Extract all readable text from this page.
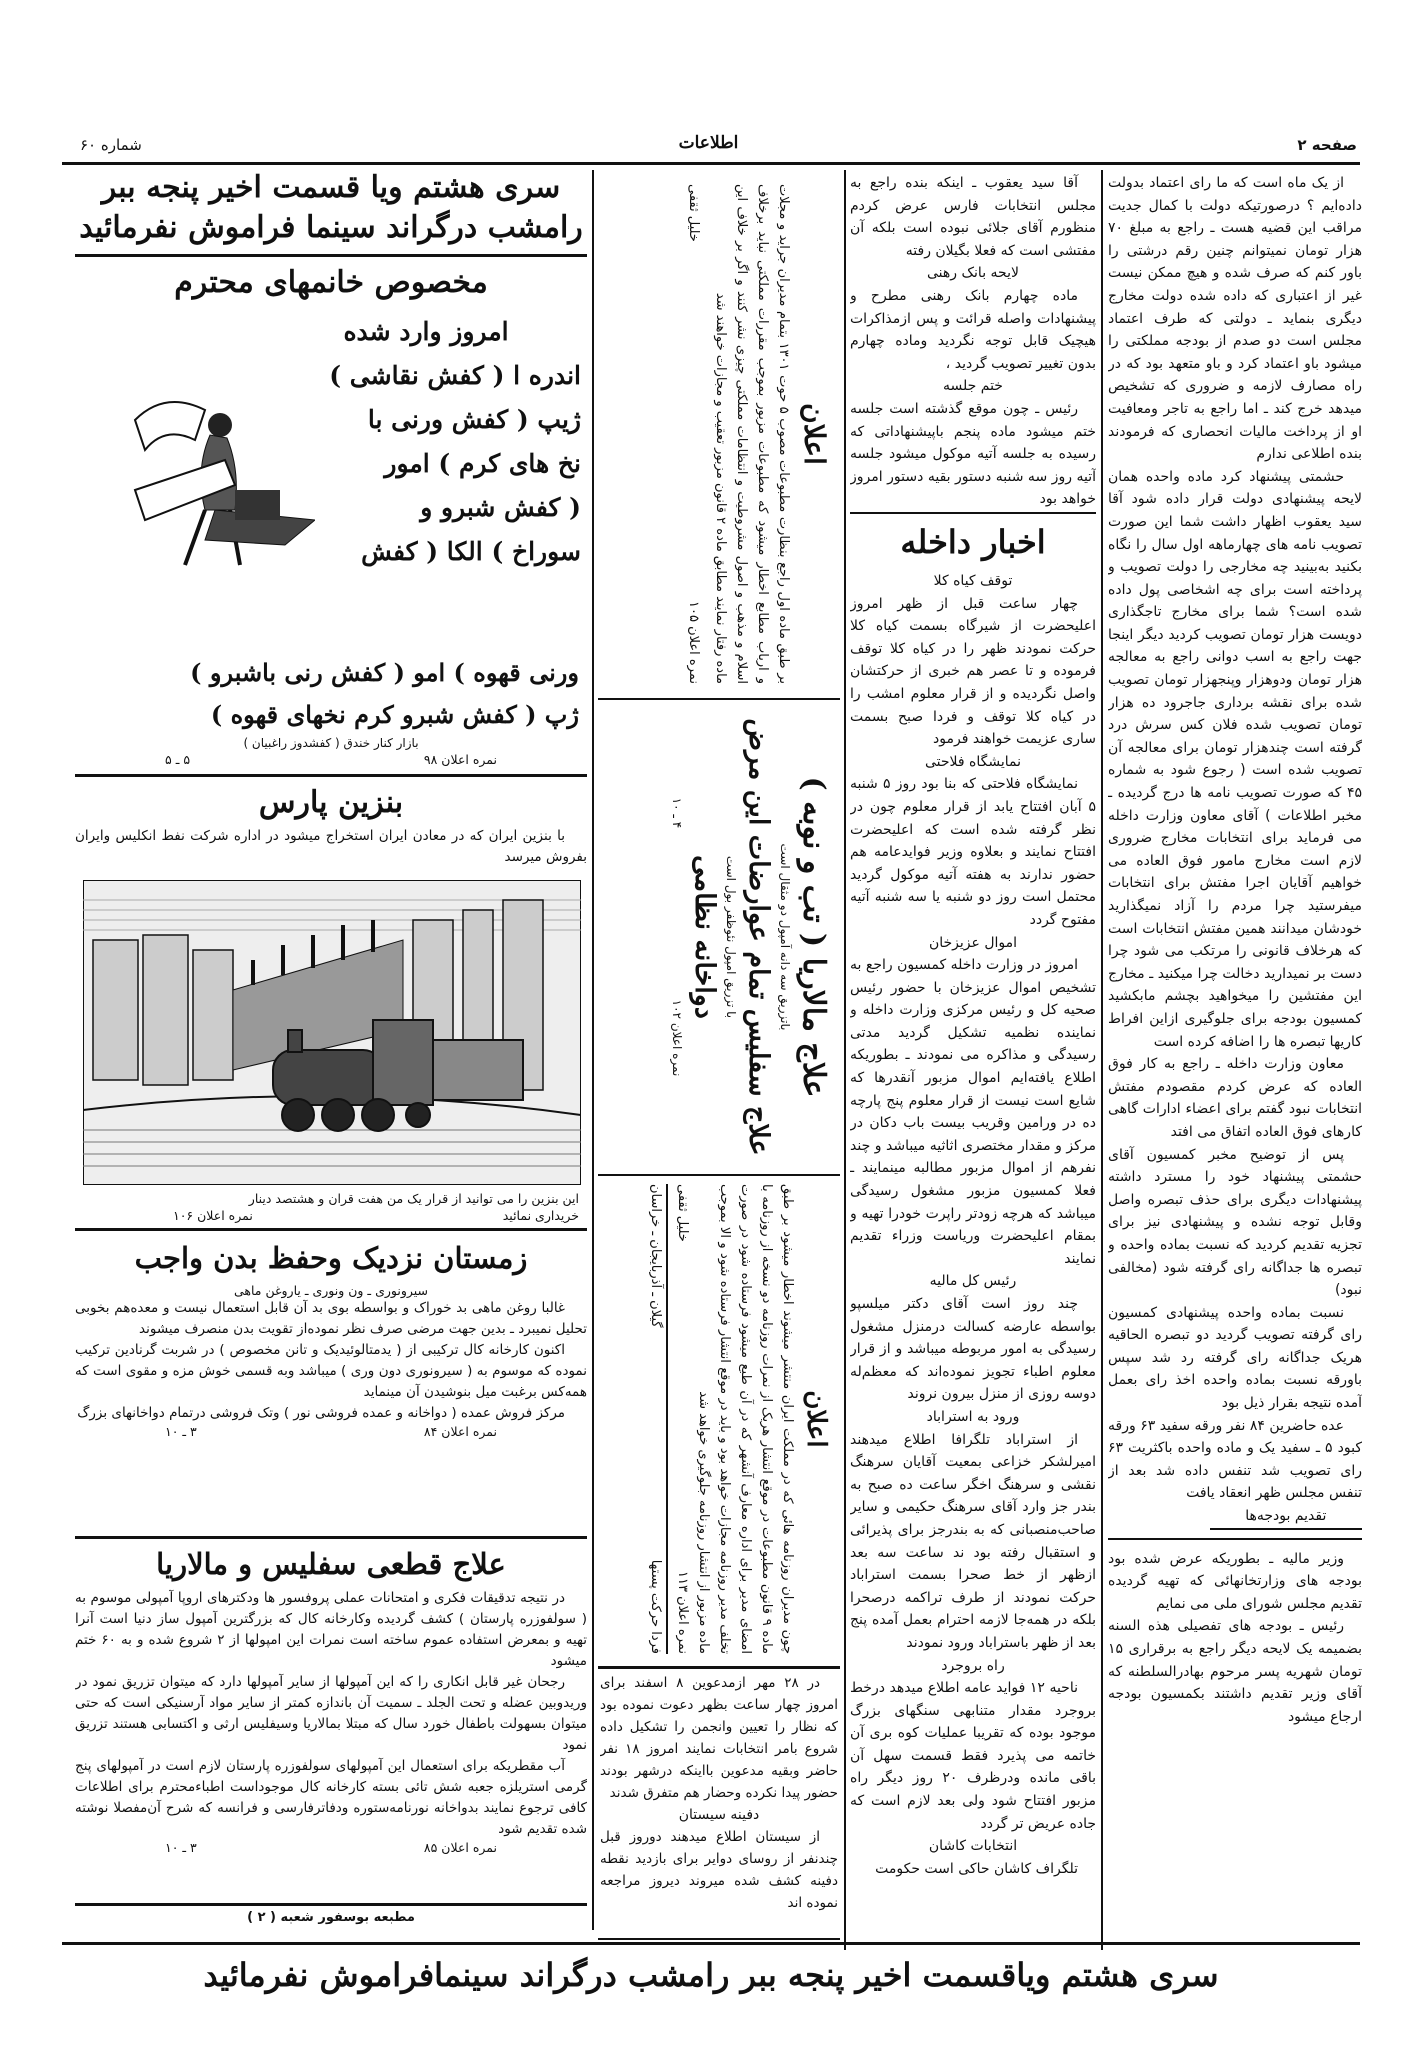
صفحه ۲
اطلاعات
شماره ۶۰

از یک ماه است که ما رای اعتماد بدولت داده‌ایم ؟ درصورتیکه دولت با کمال جدیت مراقب این قضیه هست ـ راجع به مبلغ ۷۰ هزار تومان نمیتوانم چنین رقم درشتی را باور کنم که صرف شده و هیچ ممکن نیست غیر از اعتباری که داده شده دولت مخارج دیگری بنماید ـ دولتی که طرف اعتماد مجلس است دو صدم از بودجه مملکتی را میشود باو اعتماد کرد و باو متعهد بود که در راه مصارف لازمه و ضروری که تشخیص میدهد خرج کند ـ اما راجع به تاجر ومعافیت او از پرداخت مالیات انحصاری که فرمودند بنده اطلاعی ندارم

حشمتی پیشنهاد کرد ماده واحده همان لایحه پیشنهادی دولت قرار داده شود آقا سید یعقوب اظهار داشت شما این صورت تصویب نامه های چهارماهه اول سال را نگاه بکنید به‌بینید چه مخارجی را دولت تصویب و پرداخته است برای چه اشخاصی پول داده شده است؟ شما برای مخارج تاجگذاری دویست هزار تومان تصویب کردید دیگر اینجا جهت راجع به اسب دوانی راجع به معالجه هزار تومان ودوهزار وپنجهزار تومان تصویب شده برای نقشه برداری جاجرود ده هزار تومان تصویب شده فلان کس سرش درد گرفته است چندهزار تومان برای معالجه آن تصویب شده است ( رجوع شود به شماره ۴۵ که صورت تصویب نامه ها درج گردیده ـ مخبر اطلاعات ) آقای معاون وزارت داخله می فرماید برای انتخابات مخارج ضروری لازم است مخارج مامور فوق العاده می خواهیم آقایان اجرا مفتش برای انتخابات میفرستید چرا مردم را آزاد نمیگذارید خودشان میدانند همین مفتش انتخابات است که هرخلاف قانونی را مرتکب می شود چرا دست بر نمیدارید دخالت چرا میکنید ـ مخارج این مفتشین را میخواهید بچشم مابکشید کمسیون بودجه برای جلوگیری ازاین افراط کاریها تبصره ها را اضافه کرده است

معاون وزارت داخله ـ راجع به کار فوق العاده که عرض کردم مقصودم مفتش انتخابات نبود گفتم برای اعضاء ادارات گاهی کارهای فوق العاده اتفاق می افتد

پس از توضیح مخبر کمسیون آقای حشمتی پیشنهاد خود را مسترد داشته پیشنهادات دیگری برای حذف تبصره واصل وقابل توجه نشده و پیشنهادی نیز برای تجزیه تقدیم کردید که نسبت بماده واحده و تبصره ها جداگانه رای گرفته شود (مخالفی نبود)

نسبت بماده واحده پیشنهادی کمسیون رای گرفته تصویب گردید دو تبصره الحاقیه هریک جداگانه رای گرفته رد شد سپس باورقه نسبت بماده واحده اخذ رای بعمل آمده نتیجه بقرار ذیل بود

عده حاضرین ۸۴ نفر ورقه سفید ۶۳ ورقه کبود ۵ ـ سفید یک و ماده واحده باکثریت ۶۳ رای تصویب شد تنفس داده شد بعد از تنفس مجلس ظهر انعقاد یافت

تقدیم بودجه‌ها

وزیر مالیه ـ بطوریکه عرض شده بود بودجه های وزارتخانهائی که تهیه گردیده تقدیم مجلس شورای ملی می نمایم

رئیس ـ بودجه های تفصیلی هذه السنه بضمیمه یک لایحه دیگر راجع به برقراری ۱۵ تومان شهریه پسر مرحوم بهادرالسلطنه که آقای وزیر تقدیم داشتند بکمسیون بودجه ارجاع میشود

آقا سید یعقوب ـ اینکه بنده راجع به مجلس انتخابات فارس عرض کردم منظورم آقای جلائی نبوده است بلکه آن مفتشی است که فعلا بگیلان رفته

لایحه بانک رهنی

ماده چهارم بانک رهنی مطرح و پیشنهادات واصله قرائت و پس ازمذاکرات هیچیک قابل توجه نگردید وماده چهارم بدون تغییر تصویب گردید ،

ختم جلسه

رئیس ـ چون موقع گذشته است جلسه ختم میشود ماده پنجم باپیشنهاداتی که رسیده به جلسه آتیه موکول میشود جلسه آتیه روز سه شنبه دستور بقیه دستور امروز خواهد بود

اخبار داخله
توقف کیاه کلا

چهار ساعت قبل از ظهر امروز اعلیحضرت از شیرگاه بسمت کیاه کلا حرکت نمودند ظهر را در کیاه کلا توقف فرموده و تا عصر هم خبری از حرکتشان واصل نگردیده و از قرار معلوم امشب را در کیاه کلا توقف و فردا صبح بسمت ساری عزیمت خواهند فرمود

نمایشگاه فلاحتی

نمایشگاه فلاحتی که بنا بود روز ۵ شنبه ۵ آبان افتتاح یابد از قرار معلوم چون در نظر گرفته شده است که اعلیحضرت افتتاح نمایند و بعلاوه وزیر فوایدعامه هم حضور ندارند به هفته آتیه موکول گردید محتمل است روز دو شنبه یا سه شنبه آتیه مفتوح گردد

اموال عزیزخان

امروز در وزارت داخله کمسیون راجع به تشخیص اموال عزیزخان با حضور رئیس صحیه کل و رئیس مرکزی وزارت داخله و نماینده نظمیه تشکیل گردید مدتی رسیدگی و مذاکره می نمودند ـ بطوریکه اطلاع یافته‌ایم اموال مزبور آنقدرها که شایع است نیست از قرار معلوم پنج پارچه ده در ورامین وقریب بیست باب دکان در مرکز و مقدار مختصری اثاثیه میباشد و چند نفرهم از اموال مزبور مطالبه مینمایند ـ فعلا کمسیون مزبور مشغول رسیدگی میباشد که هرچه زودتر راپرت خودرا تهیه و بمقام اعلیحضرت وریاست وزراء تقدیم نمایند

رئیس کل مالیه

چند روز است آقای دکتر میلسپو بواسطه عارضه کسالت درمنزل مشغول رسیدگی به امور مربوطه میباشد و از قرار معلوم اطباء تجویز نموده‌اند که معظم‌له دوسه روزی از منزل بیرون نروند

ورود به استراباد

از استراباد تلگرافا اطلاع میدهند امیرلشکر خزاعی بمعیت آقایان سرهنگ نقشی و سرهنگ اخگر ساعت ده صبح به بندر جز وارد آقای سرهنگ حکیمی و سایر صاحب‌منصبانی که به بندرجز برای پذیرائی و استقبال رفته بود ند ساعت سه بعد ازظهر از خط صحرا بسمت استراباد حرکت نمودند از طرف تراکمه درصحرا بلکه در همه‌جا لازمه احترام بعمل آمده پنج بعد از ظهر باستراباد ورود نمودند

راه بروجرد

ناحیه ۱۲ فواید عامه اطلاع میدهد درخط بروجرد مقدار متنابهی سنگهای بزرگ موجود بوده که تقریبا عملیات کوه بری آن خاتمه می پذیرد فقط قسمت سهل آن باقی مانده ودرظرف ۲۰ روز دیگر راه مزبور افتتاح شود ولی بعد لازم است که جاده عریض تر گردد

انتخابات کاشان

تلگراف کاشان حاکی است حکومت

اعلان
بر طبق ماده اول راجع بنظارت مطبوعات مصوب ۵ حوت ۱۳۰۱ بتمام مدیران جراید و مجلات و ارباب مطابع اخطار میشود که مطبوعات مزبور بموجب مقررات مملکتی نباید برخلاف اسلام و مذهب و اصول مشروطیت و انتظامات مملکتی چیزی نشر کنند و اگر بر خلاف این ماده رفتار نمایند مطابق ماده ۲ قانون مزبور تعقیب و مجازات خواهند شد
نمره اعلان ۱۰۵
خلیل ثقفی
علاج مالاریا ( تب و نوبه )
باتزریق سه دانه آمپول دو مثقال است
علاج سفلیس تمام عوارضات این مرض
با تزریق امپول نئوظفر بول است
دواخانه نظامی
نمره اعلان ۱۰۲
۴ ـ ۱۰
اعلان
چون مدیران روزنامه هائی که در مملکت ایران منتشر میشوند اخطار میشود بر طبق ماده ۹ قانون مطبوعات در موقع انتشار هریک از نمرات روزنامه دو نسخه از روزنامه با امضای مدیر برای اداره معارف آنشهر که در آن طبع میشود فرستاده شود در صورت تخلف مدیر روزنامه مجازات خواهد بود و باید در موقع انتشار فرستاده شود و الا بموجب ماده مزبور از انتشار روزنامه جلوگیری خواهد شد
نمره اعلان ۱۱۳
خلیل ثقفی
فردا حرکت پستها
گیلان ـ آذربایجان ـ خراسان

در ۲۸ مهر ازمدعوین ۸ اسفند برای امروز چهار ساعت بظهر دعوت نموده بود که نظار را تعیین وانجمن را تشکیل داده شروع بامر انتخابات نمایند امروز ۱۸ نفر حاضر وبقیه مدعوین بااینکه درشهر بودند حضور پیدا نکرده وحضار هم متفرق شدند

دفینه سیستان

از سیستان اطلاع میدهند دوروز قبل چندنفر از روسای دوایر برای بازدید نقطه دفینه کشف شده میروند دیروز مراجعه نموده اند

سری هشتم ویا قسمت اخیر پنجه ببر
رامشب درگراند سینما فراموش نفرمائید
مخصوص خانمهای محترم
امروز وارد شده
اندره ا ( کفش نقاشی )
ژیپ ( کفش ورنی با
نخ های کرم ) امور
( کفش شبرو و
سوراخ ) الکا ( کفش
ورنی قهوه ) امو ( کفش رنی باشبرو )
ژپ ( کفش شبرو کرم نخهای قهوه )
بازار کنار خندق ( کفشدوز راغبیان )
نمره اعلان ۹۸
۵ ـ ۵
بنزین پارس

با بنزین ایران که در معادن ایران استخراج میشود در اداره شرکت نفط انکلیس وایران بفروش میرسد

این بنزین را می توانید از قرار یک من هفت قران و هشتصد دینار
خریداری نمائید
نمره اعلان ۱۰۶
زمستان نزدیک وحفظ بدن واجب
سیرونوری ـ ون ونوری ـ یاروغن ماهی

غالبا روغن ماهی بد خوراک و بواسطه بوی بد آن قابل استعمال نیست و معده‌هم بخوبی تحلیل نمیبرد ـ بدین جهت مرضی صرف نظر نموده‌از تقویت بدن منصرف میشوند

اکنون کارخانه کال ترکیبی از ( یدمتالوئیدیک و تانن مخصوص ) در شربت گرنادین ترکیب نموده که موسوم به ( سیرونوری دون وری ) میباشد وبه قسمی خوش مزه و مقوی است که همه‌کس برغبت میل بنوشیدن آن مینماید

مرکز فروش عمده ( دواخانه و عمده فروشی نور ) وتک فروشی درتمام دواخانهای بزرگ

نمره اعلان ۸۴
۳ ـ ۱۰
علاج قطعی سفلیس و مالاریا

در نتیجه تدقیقات فکری و امتحانات عملی پروفسور ها ودکترهای اروپا آمپولی موسوم به ( سولفوزره پارستان ) کشف گردیده وکارخانه کال که بزرگترین آمپول ساز دنیا است آنرا تهیه و بمعرض استفاده عموم ساخته است نمرات این امپولها از ۲ شروع شده و به ۶۰ ختم میشود

رجحان غیر قابل انکاری را که این آمپولها از سایر آمپولها دارد که میتوان تزریق نمود در وریدوبین عضله و تحت الجلد ـ سمیت آن باندازه کمتر از سایر مواد آرسنیکی است که حتی میتوان بسهولت باطفال خورد سال که مبتلا بمالاریا وسیفلیس ارثی و اکتسابی هستند تزریق نمود

آب مقطریکه برای استعمال این آمپولهای سولفوزره پارستان لازم است در آمپولهای پنج گرمی استریلزه جعبه شش تائی بسته کارخانه کال موجوداست اطباءمحترم برای اطلاعات کافی ترجوع نمایند بدواخانه نورنامه‌ستوره ودفاترفارسی و فرانسه که شرح آن‌مفصلا نوشته شده تقدیم شود

نمره اعلان ۸۵
۳ ـ ۱۰
مطبعه بوسفور شعبه ( ۲ )
سری هشتم ویاقسمت اخیر پنجه ببر رامشب درگراند سینمافراموش نفرمائید
